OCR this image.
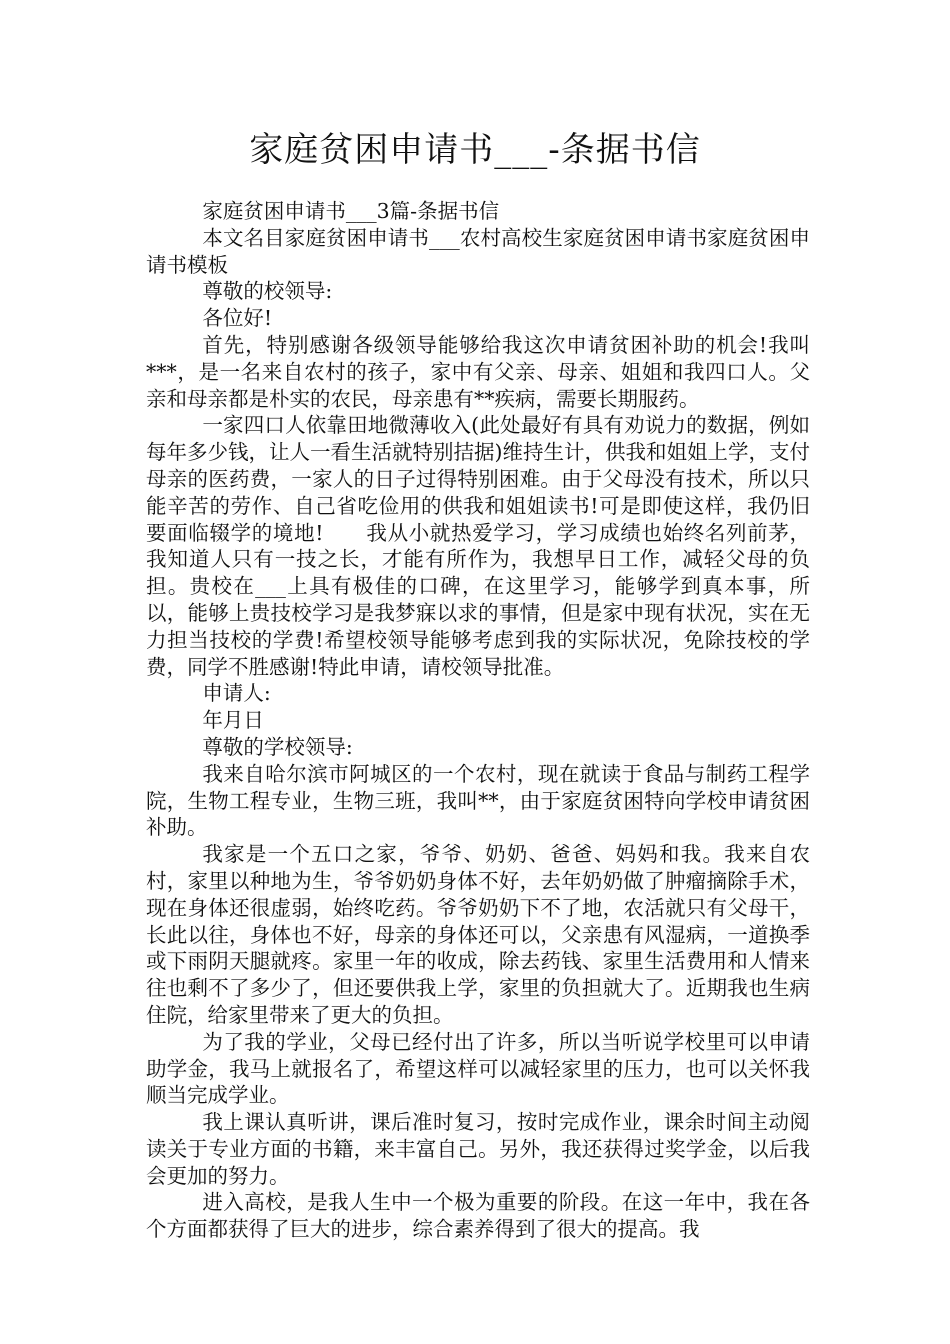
家庭贫困申请书___-条据书信

家庭贫困申请书___3篇-条据书信

本文名目家庭贫困申请书___农村高校生家庭贫困申请书家庭贫困申请书模板

尊敬的校领导:

各位好!

首先，特别感谢各级领导能够给我这次申请贫困补助的机会!我叫***，是一名来自农村的孩子，家中有父亲、母亲、姐姐和我四口人。父亲和母亲都是朴实的农民，母亲患有**疾病，需要长期服药。

一家四口人依靠田地微薄收入(此处最好有具有劝说力的数据，例如每年多少钱，让人一看生活就特别拮据)维持生计，供我和姐姐上学，支付母亲的医药费，一家人的日子过得特别困难。由于父母没有技术，所以只能辛苦的劳作、自己省吃俭用的供我和姐姐读书!可是即使这样，我仍旧要面临辍学的境地!　　我从小就热爱学习，学习成绩也始终名列前茅，我知道人只有一技之长，才能有所作为，我想早日工作，减轻父母的负担。贵校在___上具有极佳的口碑，在这里学习，能够学到真本事，所以，能够上贵技校学习是我梦寐以求的事情，但是家中现有状况，实在无力担当技校的学费!希望校领导能够考虑到我的实际状况，免除技校的学费，同学不胜感谢!特此申请，请校领导批准。

申请人:

年月日

尊敬的学校领导:

我来自哈尔滨市阿城区的一个农村，现在就读于食品与制药工程学院，生物工程专业，生物三班，我叫**，由于家庭贫困特向学校申请贫困补助。

我家是一个五口之家，爷爷、奶奶、爸爸、妈妈和我。我来自农村，家里以种地为生，爷爷奶奶身体不好，去年奶奶做了肿瘤摘除手术，现在身体还很虚弱，始终吃药。爷爷奶奶下不了地，农活就只有父母干，长此以往，身体也不好，母亲的身体还可以，父亲患有风湿病，一道换季或下雨阴天腿就疼。家里一年的收成，除去药钱、家里生活费用和人情来往也剩不了多少了，但还要供我上学，家里的负担就大了。近期我也生病住院，给家里带来了更大的负担。

为了我的学业，父母已经付出了许多，所以当听说学校里可以申请助学金，我马上就报名了，希望这样可以减轻家里的压力，也可以关怀我顺当完成学业。

我上课认真听讲，课后准时复习，按时完成作业，课余时间主动阅读关于专业方面的书籍，来丰富自己。另外，我还获得过奖学金，以后我会更加的努力。

进入高校，是我人生中一个极为重要的阶段。在这一年中，我在各个方面都获得了巨大的进步，综合素养得到了很大的提高。我
